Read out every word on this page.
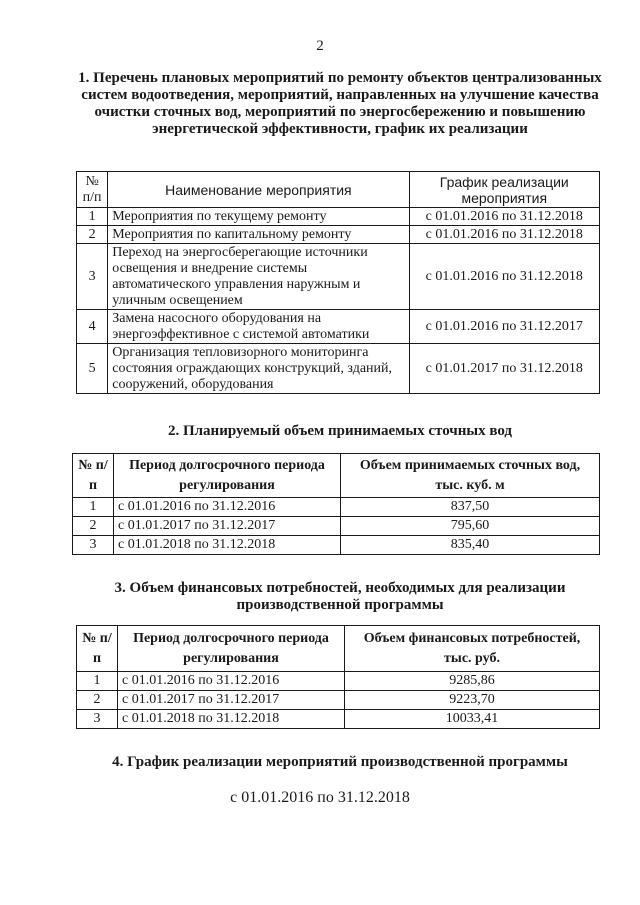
2
1. Перечень плановых мероприятий по ремонту объектов централизованных систем водоотведения, мероприятий, направленных на улучшение качества очистки сточных вод, мероприятий по энергосбережению и повышению энергетической эффективности, график их реализации
№ п/п	Наименование мероприятия	График реализации мероприятия
1	Мероприятия по текущему ремонту	с 01.01.2016 по 31.12.2018
2	Мероприятия по капитальному ремонту	с 01.01.2016 по 31.12.2018
3	Переход на энергосберегающие источники освещения и внедрение системы автоматического управления наружным и уличным освещением	с 01.01.2016 по 31.12.2018
4	Замена насосного оборудования на энергоэффективное с системой автоматики	с 01.01.2016 по 31.12.2017
5	Организация тепловизорного мониторинга состояния ограждающих конструкций, зданий, сооружений, оборудования	с 01.01.2017 по 31.12.2018
2. Планируемый объем принимаемых сточных вод
№ п/п	Период долгосрочного периода регулирования	Объем принимаемых сточных вод, тыс. куб. м
1	с 01.01.2016 по 31.12.2016	837,50
2	с 01.01.2017 по 31.12.2017	795,60
3	с 01.01.2018 по 31.12.2018	835,40
3. Объем финансовых потребностей, необходимых для реализации производственной программы
№ п/п	Период долгосрочного периода регулирования	Объем финансовых потребностей, тыс. руб.
1	с 01.01.2016 по 31.12.2016	9285,86
2	с 01.01.2017 по 31.12.2017	9223,70
3	с 01.01.2018 по 31.12.2018	10033,41
4. График реализации мероприятий производственной программы
с 01.01.2016 по 31.12.2018
